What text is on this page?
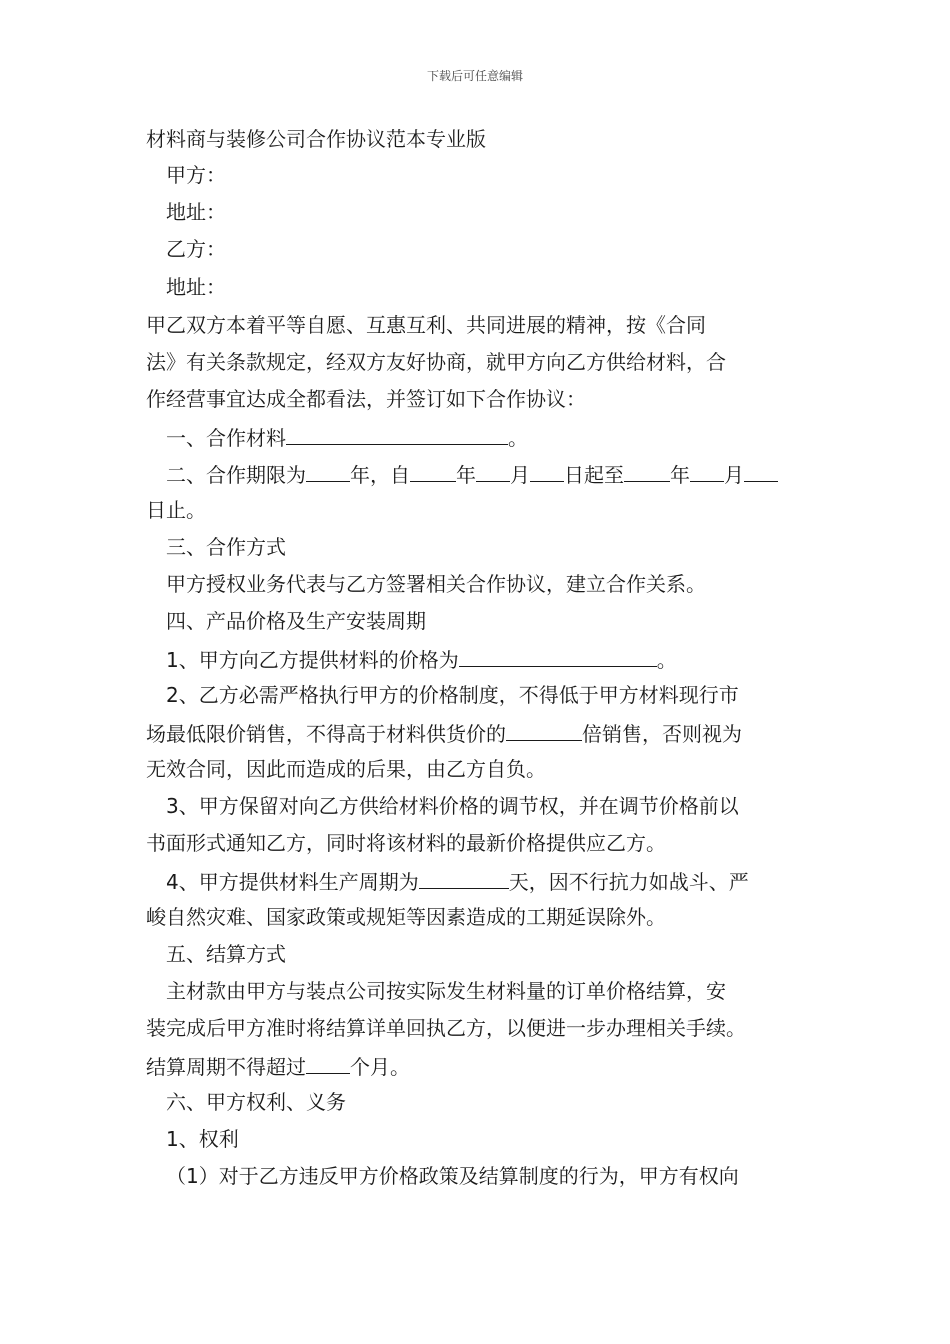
下载后可任意编辑
材料商与装修公司合作协议范本专业版
甲方：
地址：
乙方：
地址：
甲乙双方本着平等自愿、互惠互利、共同进展的精神，按《合同
法》有关条款规定，经双方友好协商，就甲方向乙方供给材料，合
作经营事宜达成全都看法，并签订如下合作协议：
一、合作材料	。
二、合作期限为 年，自 年 月 日起至 年 月
日止。
三、合作方式
甲方授权业务代表与乙方签署相关合作协议，建立合作关系。
四、产品价格及生产安装周期
1、甲方向乙方提供材料的价格为	。
2、乙方必需严格执行甲方的价格制度，不得低于甲方材料现行市
场最低限价销售，不得高于材料供货价的	倍销售，否则视为
无效合同，因此而造成的后果，由乙方自负。
3、甲方保留对向乙方供给材料价格的调节权，并在调节价格前以
书面形式通知乙方，同时将该材料的最新价格提供应乙方。
4、甲方提供材料生产周期为	天，因不行抗力如战斗、严
峻自然灾难、国家政策或规矩等因素造成的工期延误除外。
五、结算方式
主材款由甲方与装点公司按实际发生材料量的订单价格结算，安
装完成后甲方准时将结算详单回执乙方，以便进一步办理相关手续。
结算周期不得超过 个月。
六、甲方权利、义务
1、权利
（1）对于乙方违反甲方价格政策及结算制度的行为，甲方有权向
